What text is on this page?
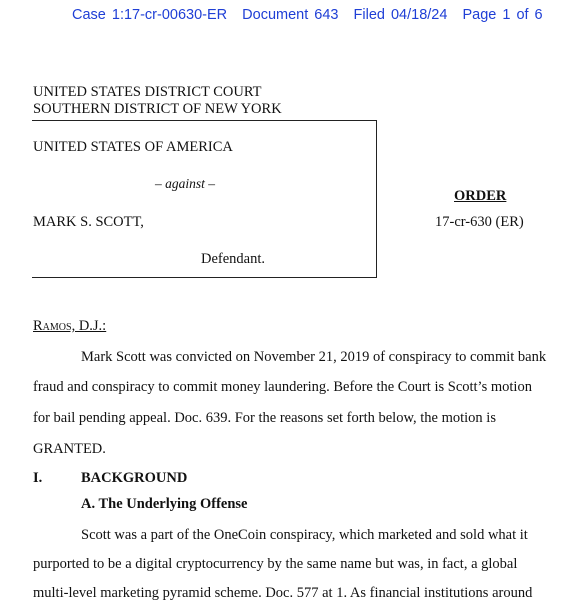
Case 1:17-cr-00630-ER Document 643 Filed 04/18/24 Page 1 of 6
UNITED STATES DISTRICT COURT
SOUTHERN DISTRICT OF NEW YORK
UNITED STATES OF AMERICA
– against –
MARK S. SCOTT,
Defendant.
ORDER
17-cr-630 (ER)
Ramos, D.J.:
Mark Scott was convicted on November 21, 2019 of conspiracy to commit bank
fraud and conspiracy to commit money laundering. Before the Court is Scott’s motion
for bail pending appeal. Doc. 639. For the reasons set forth below, the motion is
GRANTED.
I.	BACKGROUND
A. The Underlying Offense
Scott was a part of the OneCoin conspiracy, which marketed and sold what it
purported to be a digital cryptocurrency by the same name but was, in fact, a global
multi-level marketing pyramid scheme. Doc. 577 at 1. As financial institutions around
